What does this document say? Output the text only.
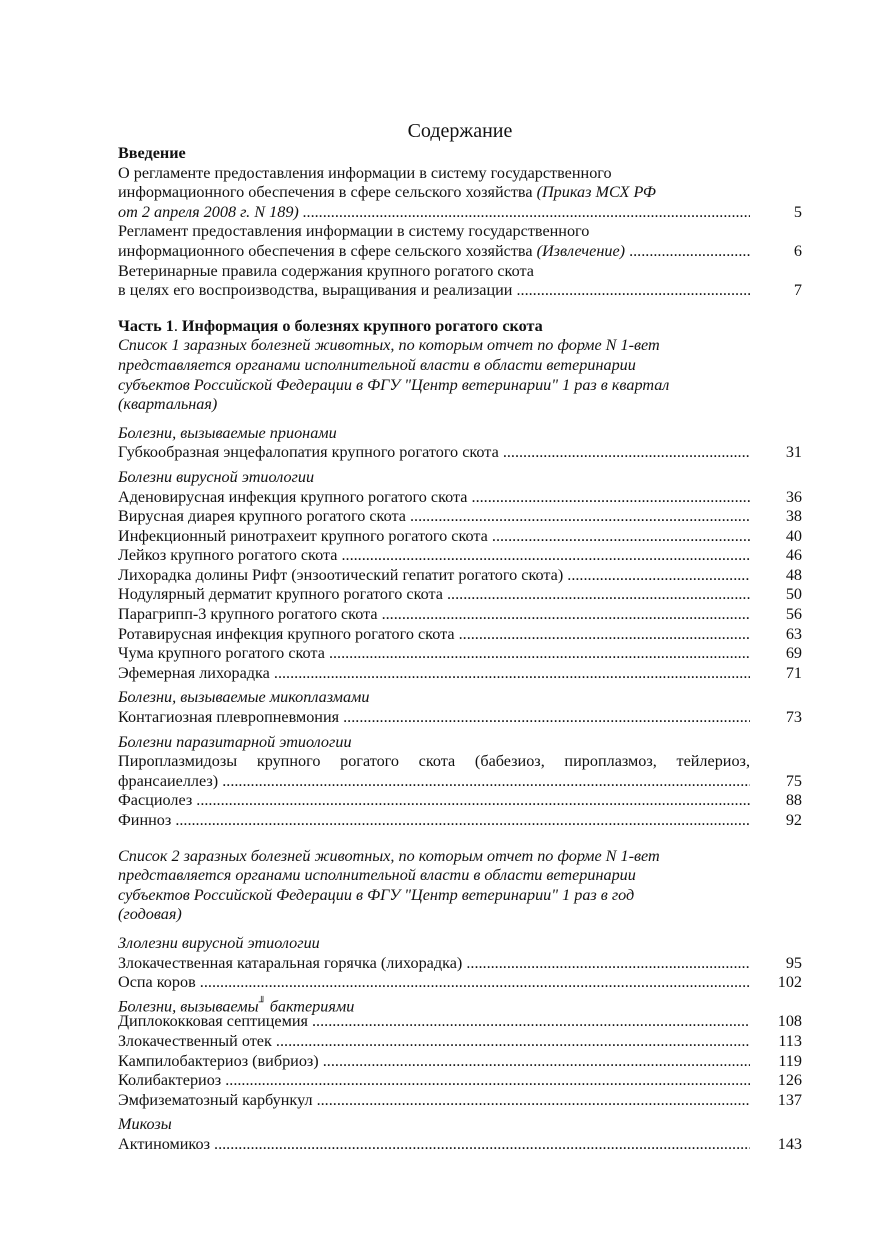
Содержание
Введение
О регламенте предоставления информации в систему государственного
информационного обеспечения в сфере сельского хозяйства (Приказ МСХ РФ
от 2 апреля 2008 г. N 189) .....	5
Регламент предоставления информации в систему государственного
информационного обеспечения в сфере сельского хозяйства (Извлечение) .....	6
Ветеринарные правила содержания крупного рогатого скота
в целях его воспроизводства, выращивания и реализации .....	7
Часть 1. Информация о болезнях крупного рогатого скота
Список 1 заразных болезней животных, по которым отчет по форме N 1-вет
представляется органами исполнительной власти в области ветеринарии
субъектов Российской Федерации в ФГУ "Центр ветеринарии" 1 раз в квартал
(квартальная)
Болезни, вызываемые прионами
Губкообразная энцефалопатия крупного рогатого скота .....	31
Болезни вирусной этиологии
Аденовирусная инфекция крупного рогатого скота .....	36
Вирусная диарея крупного рогатого скота .....	38
Инфекционный ринотрахеит крупного рогатого скота .....	40
Лейкоз крупного рогатого скота .....	46
Лихорадка долины Рифт (энзоотический гепатит рогатого скота) .....	48
Нодулярный дерматит крупного рогатого скота .....	50
Парагрипп-3 крупного рогатого скота .....	56
Ротавирусная инфекция крупного рогатого скота .....	63
Чума крупного рогатого скота .....	69
Эфемерная лихорадка .....	71
Болезни, вызываемые микоплазмами
Контагиозная плевропневмония .....	73
Болезни паразитарной этиологии
Пироплазмидозы крупного рогатого скота (бабезиоз, пироплазмоз, тейлериоз,
франсаиеллез) .....	75
Фасциолез .....	88
Финноз .....	92
Список 2 заразных болезней животных, по которым отчет по форме N 1-вет
представляется органами исполнительной власти в области ветеринарии
субъектов Российской Федерации в ФГУ "Центр ветеринарии" 1 раз в год
(годовая)
Злолезни вирусной этиологии
Злокачественная катаральная горячка (лихорадка) .....	95
Оспа коров .....	102
Болезни, вызываемы╜ бактериями
Диплококковая септицемия .....	108
Злокачественный отек .....	113
Кампилобактериоз (вибриоз) .....	119
Колибактериоз .....	126
Эмфизематозный карбункул .....	137
Микозы
Актиномикоз .....	143
